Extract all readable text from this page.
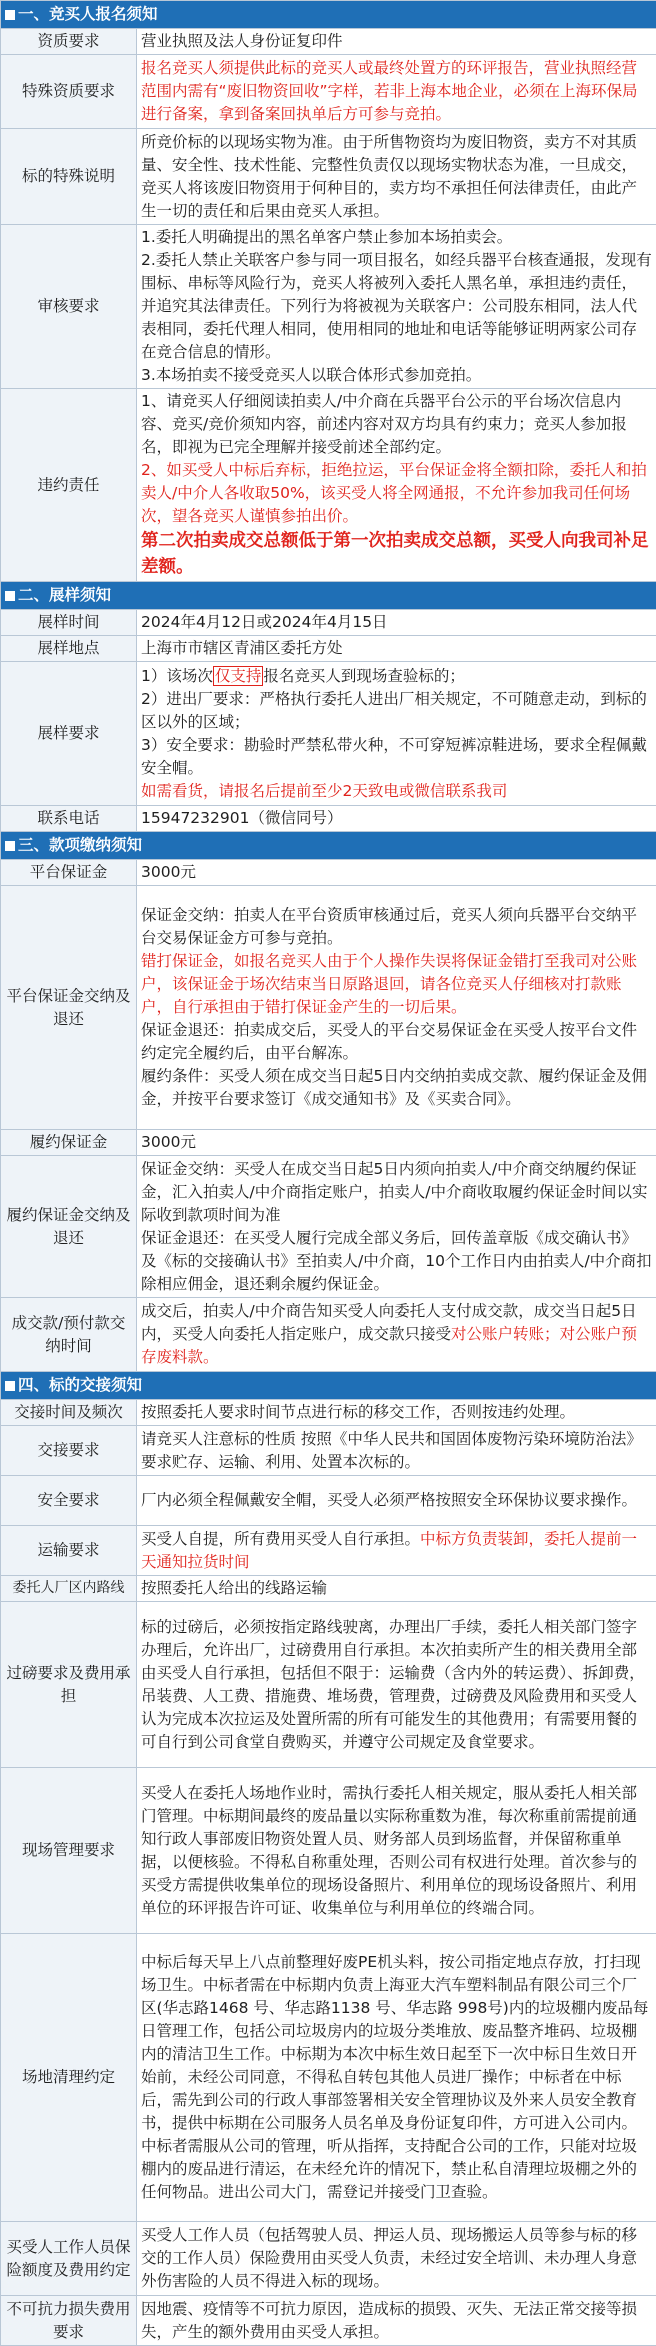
一、竞买人报名须知	
资质要求	营业执照及法人身份证复印件
特殊资质要求	报名竞买人须提供此标的竞买人或最终处置方的环评报告，营业执照经营范围内需有“废旧物资回收”字样，若非上海本地企业，必须在上海环保局进行备案，拿到备案回执单后方可参与竞拍。
标的特殊说明	所竞价标的以现场实物为准。由于所售物资均为废旧物资，卖方不对其质量、安全性、技术性能、完整性负责仅以现场实物状态为准，一旦成交，竞买人将该废旧物资用于何种目的，卖方均不承担任何法律责任，由此产生一切的责任和后果由竞买人承担。
审核要求	1.委托人明确提出的黑名单客户禁止参加本场拍卖会。

2.委托人禁止关联客户参与同一项目报名，如经兵器平台核查通报，发现有围标、串标等风险行为，竞买人将被列入委托人黑名单，承担违约责任，并追究其法律责任。下列行为将被视为关联客户：公司股东相同，法人代表相同，委托代理人相同，使用相同的地址和电话等能够证明两家公司存在竞合信息的情形。

3.本场拍卖不接受竞买人以联合体形式参加竞拍。

违约责任	1、请竞买人仔细阅读拍卖人/中介商在兵器平台公示的平台场次信息内容、竞买/竞价须知内容，前述内容对双方均具有约束力；竞买人参加报名，即视为已完全理解并接受前述全部约定。

2、如买受人中标后弃标，拒绝拉运，平台保证金将全额扣除，委托人和拍卖人/中介人各收取50%，该买受人将全网通报，不允许参加我司任何场次，望各竞买人谨慎参拍出价。

第二次拍卖成交总额低于第一次拍卖成交总额，买受人向我司补足差额。

二、展样须知	
展样时间	2024年4月12日或2024年4月15日
展样地点	上海市市辖区青浦区委托方处
展样要求	1）该场次 仅支持 报名竞买人到现场查验标的；

2）进出厂要求：严格执行委托人进出厂相关规定，不可随意走动，到标的区以外的区域；

3）安全要求：勘验时严禁私带火种，不可穿短裤凉鞋进场，要求全程佩戴安全帽。

如需看货，请报名后提前至少2天致电或微信联系我司

联系电话	15947232901（微信同号）
三、款项缴纳须知	
平台保证金	3000元
平台保证金交纳及退还	保证金交纳：拍卖人在平台资质审核通过后，竞买人须向兵器平台交纳平台交易保证金方可参与竞拍。

错打保证金，如报名竞买人由于个人操作失误将保证金错打至我司对公账户，该保证金于场次结束当日原路退回，请各位竞买人仔细核对打款账户，自行承担由于错打保证金产生的一切后果。

保证金退还：拍卖成交后，买受人的平台交易保证金在买受人按平台文件约定完全履约后，由平台解冻。

履约条件：买受人须在成交当日起5日内交纳拍卖成交款、履约保证金及佣金，并按平台要求签订《成交通知书》及《买卖合同》。

履约保证金	3000元
履约保证金交纳及退还	保证金交纳：买受人在成交当日起5日内须向拍卖人/中介商交纳履约保证金，汇入拍卖人/中介商指定账户，拍卖人/中介商收取履约保证金时间以实际收到款项时间为准

保证金退还：在买受人履行完成全部义务后，回传盖章版《成交确认书》及《标的交接确认书》至拍卖人/中介商，10个工作日内由拍卖人/中介商扣除相应佣金，退还剩余履约保证金。

成交款/预付款交纳时间	成交后，拍卖人/中介商告知买受人向委托人支付成交款，成交当日起5日内，买受人向委托人指定账户，成交款只接受对公账户转账；对公账户预存废料款。
四、标的交接须知	
交接时间及频次	按照委托人要求时间节点进行标的移交工作，否则按违约处理。
交接要求	请竞买人注意标的性质 按照《中华人民共和国固体废物污染环境防治法》要求贮存、运输、利用、处置本次标的。
安全要求	厂内必须全程佩戴安全帽，买受人必须严格按照安全环保协议要求操作。
运输要求	买受人自提，所有费用买受人自行承担。中标方负责装卸，委托人提前一天通知拉货时间
委托人厂区内路线	按照委托人给出的线路运输
过磅要求及费用承担	标的过磅后，必须按指定路线驶离，办理出厂手续，委托人相关部门签字办理后，允许出厂，过磅费用自行承担。本次拍卖所产生的相关费用全部由买受人自行承担，包括但不限于：运输费（含内外的转运费）、拆卸费，吊装费、人工费、措施费、堆场费，管理费，过磅费及风险费用和买受人认为完成本次拉运及处置所需的所有可能发生的其他费用；有需要用餐的可自行到公司食堂自费购买，并遵守公司规定及食堂要求。
现场管理要求	买受人在委托人场地作业时，需执行委托人相关规定，服从委托人相关部门管理。中标期间最终的废品量以实际称重数为准，每次称重前需提前通知行政人事部废旧物资处置人员、财务部人员到场监督，并保留称重单据，以便核验。不得私自称重处理，否则公司有权进行处理。首次参与的买受方需提供收集单位的现场设备照片、利用单位的现场设备照片、利用单位的环评报告许可证、收集单位与利用单位的终端合同。
场地清理约定	中标后每天早上八点前整理好废PE机头料，按公司指定地点存放，打扫现场卫生。中标者需在中标期内负责上海亚大汽车塑料制品有限公司三个厂区(华志路1468 号、华志路1138 号、华志路 998号)内的垃圾棚内废品每日管理工作，包括公司垃圾房内的垃圾分类堆放、废品整齐堆码、垃圾棚内的清洁卫生工作。中标期为本次中标生效日起至下一次中标日生效日开始前，未经公司同意，不得私自转包其他人员进厂操作；中标者在中标后，需先到公司的行政人事部签署相关安全管理协议及外来人员安全教育书，提供中标期在公司服务人员名单及身份证复印件，方可进入公司内。中标者需服从公司的管理，听从指挥，支持配合公司的工作，只能对垃圾棚内的废品进行清运，在未经允许的情况下，禁止私自清理垃圾棚之外的任何物品。进出公司大门，需登记并接受门卫查验。
买受人工作人员保险额度及费用约定	买受人工作人员（包括驾驶人员、押运人员、现场搬运人员等参与标的移交的工作人员）保险费用由买受人负责，未经过安全培训、未办理人身意外伤害险的人员不得进入标的现场。
不可抗力损失费用要求	因地震、疫情等不可抗力原因，造成标的损毁、灭失、无法正常交接等损失，产生的额外费用由买受人承担。
